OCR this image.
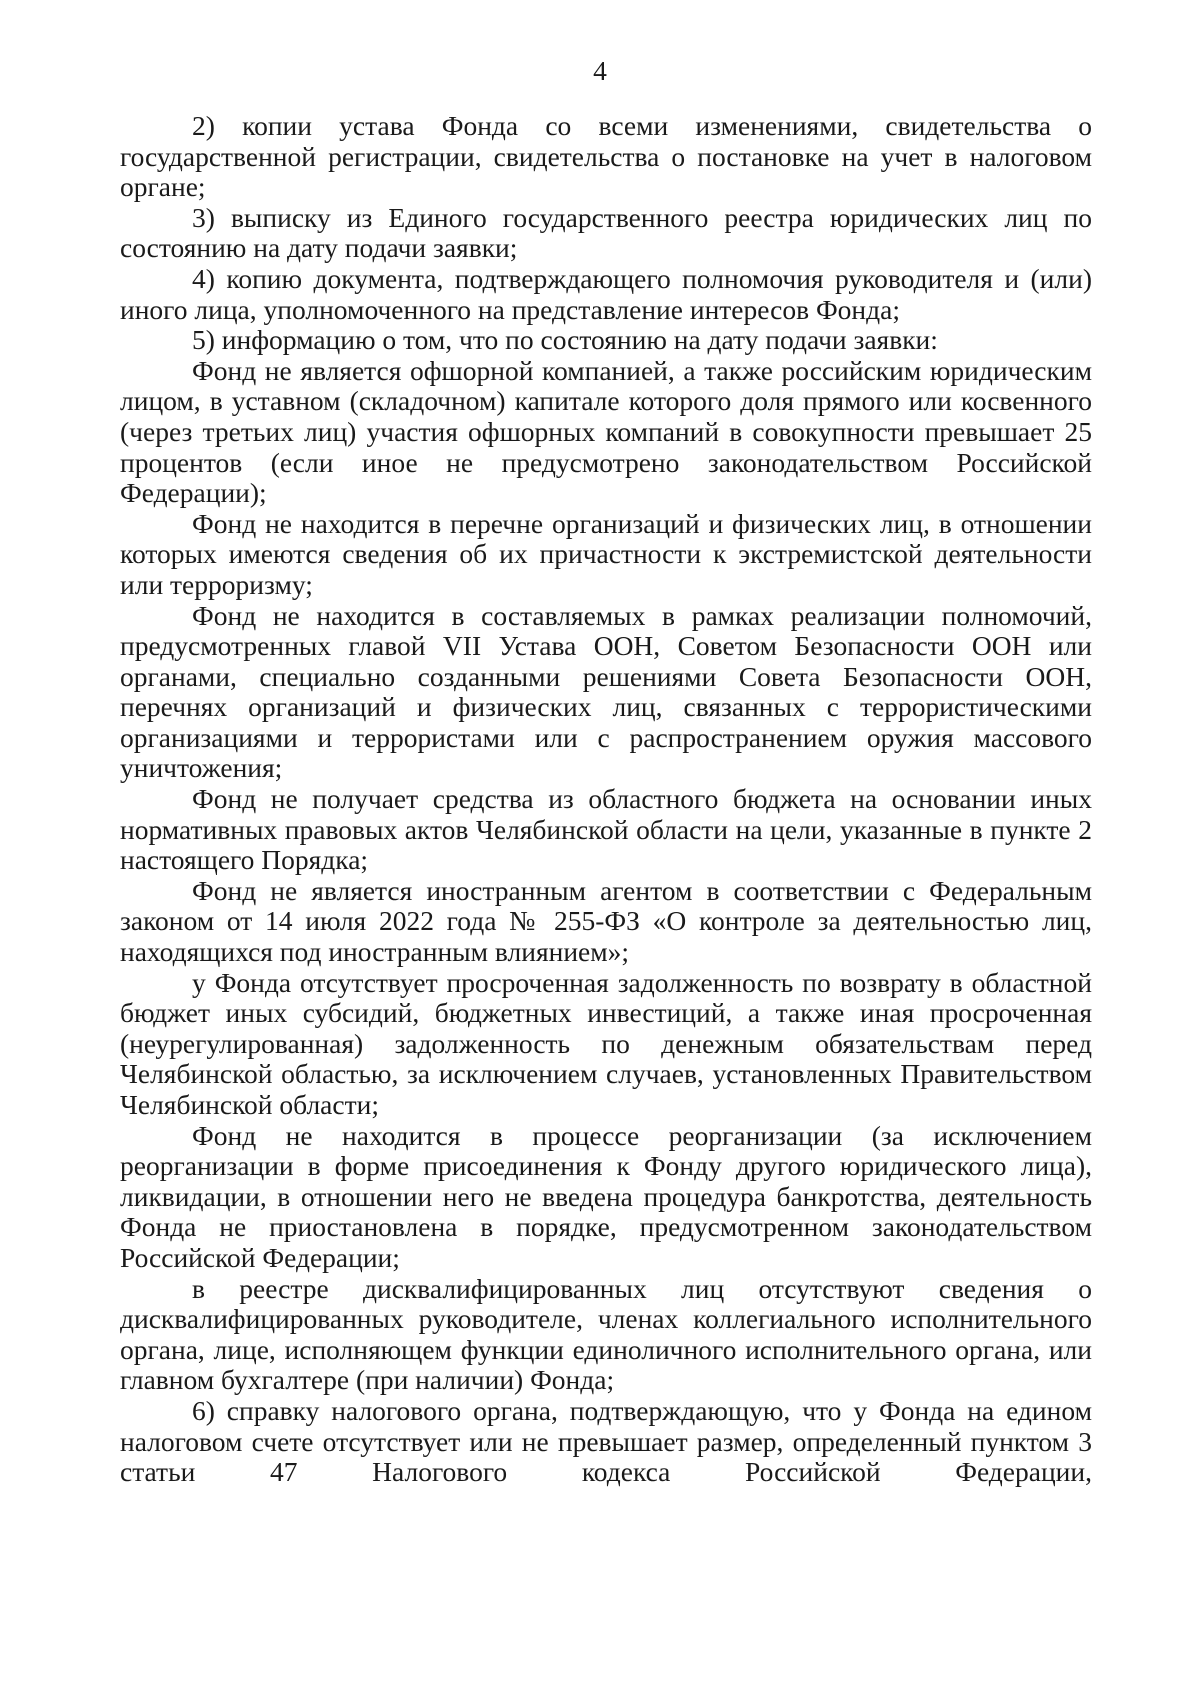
4

2) копии устава Фонда со всеми изменениями, свидетельства о государственной регистрации, свидетельства о постановке на учет в налоговом органе;

3) выписку из Единого государственного реестра юридических лиц по состоянию на дату подачи заявки;

4) копию документа, подтверждающего полномочия руководителя и (или) иного лица, уполномоченного на представление интересов Фонда;

5) информацию о том, что по состоянию на дату подачи заявки:

Фонд не является офшорной компанией, а также российским юридическим лицом, в уставном (складочном) капитале которого доля прямого или косвенного (через третьих лиц) участия офшорных компаний в совокупности превышает 25 процентов (если иное не предусмотрено законодательством Российской Федерации);

Фонд не находится в перечне организаций и физических лиц, в отношении которых имеются сведения об их причастности к экстремистской деятельности или терроризму;

Фонд не находится в составляемых в рамках реализации полномочий, предусмотренных главой VII Устава ООН, Советом Безопасности ООН или органами, специально созданными решениями Совета Безопасности ООН, перечнях организаций и физических лиц, связанных с террористическими организациями и террористами или с распространением оружия массового уничтожения;

Фонд не получает средства из областного бюджета на основании иных нормативных правовых актов Челябинской области на цели, указанные в пункте 2 настоящего Порядка;

Фонд не является иностранным агентом в соответствии с Федеральным законом от 14 июля 2022 года № 255-ФЗ «О контроле за деятельностью лиц, находящихся под иностранным влиянием»;

у Фонда отсутствует просроченная задолженность по возврату в областной бюджет иных субсидий, бюджетных инвестиций, а также иная просроченная (неурегулированная) задолженность по денежным обязательствам перед Челябинской областью, за исключением случаев, установленных Правительством Челябинской области;

Фонд не находится в процессе реорганизации (за исключением реорганизации в форме присоединения к Фонду другого юридического лица), ликвидации, в отношении него не введена процедура банкротства, деятельность Фонда не приостановлена в порядке, предусмотренном законодательством Российской Федерации;

в реестре дисквалифицированных лиц отсутствуют сведения о дисквалифицированных руководителе, членах коллегиального исполнительного органа, лице, исполняющем функции единоличного исполнительного органа, или главном бухгалтере (при наличии) Фонда;

6) справку налогового органа, подтверждающую, что у Фонда на едином налоговом счете отсутствует или не превышает размер, определенный пунктом 3 статьи 47 Налогового кодекса Российской Федерации,
